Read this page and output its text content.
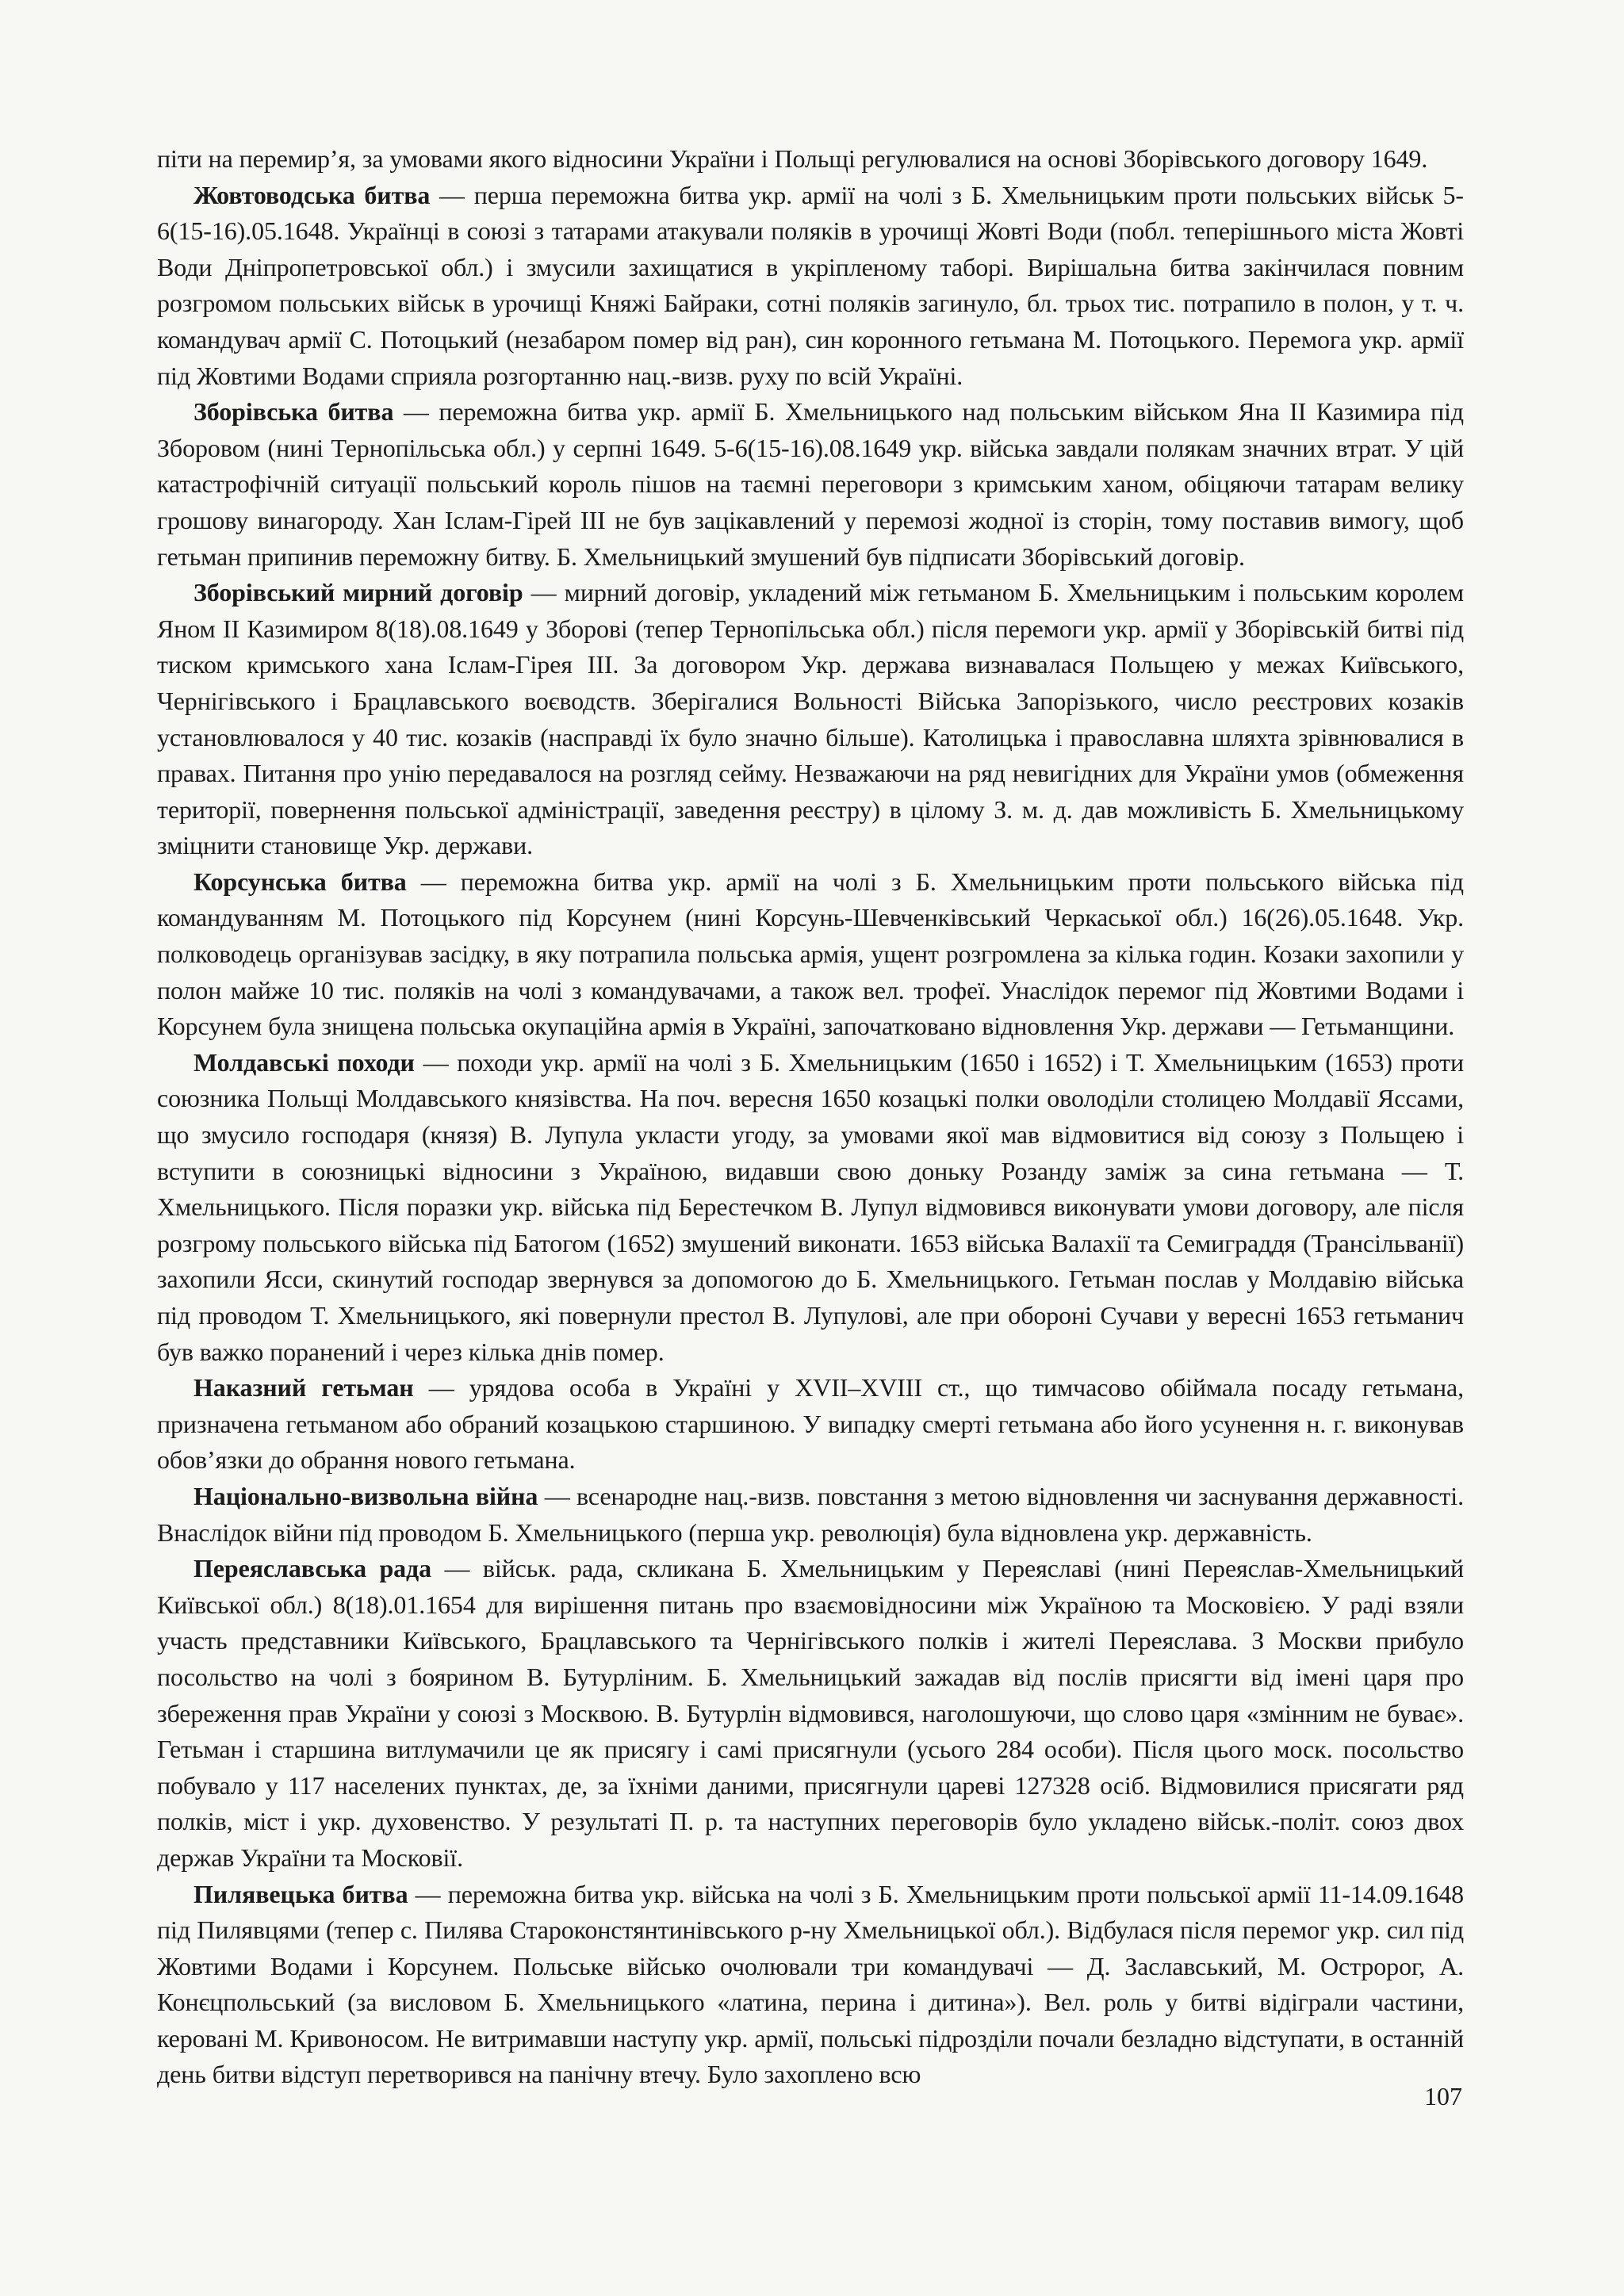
піти на перемир’я, за умовами якого відносини України і Польщі регулювалися на основі Зборівського договору 1649.

Жовтоводська битва — перша переможна битва укр. армії на чолі з Б. Хмельницьким проти польських військ 5-6(15-16).05.1648. Українці в союзі з татарами атакували поляків в урочищі Жовті Води (побл. теперішнього міста Жовті Води Дніпропетровської обл.) і змусили захищатися в укріпленому таборі. Вирішальна битва закінчилася повним розгромом польських військ в урочищі Княжі Байраки, сотні поляків загинуло, бл. трьох тис. потрапило в полон, у т. ч. командувач армії С. Потоцький (незабаром помер від ран), син коронного гетьмана М. Потоцького. Перемога укр. армії під Жовтими Водами сприяла розгортанню нац.-визв. руху по всій Україні.

Зборівська битва — переможна битва укр. армії Б. Хмельницького над польським військом Яна II Казимира під Зборовом (нині Тернопільська обл.) у серпні 1649. 5-6(15-16).08.1649 укр. війська завдали полякам значних втрат. У цій катастрофічній ситуації польський король пішов на таємні переговори з кримським ханом, обіцяючи татарам велику грошову винагороду. Хан Іслам-Гірей III не був зацікавлений у перемозі жодної із сторін, тому поставив вимогу, щоб гетьман припинив переможну битву. Б. Хмельницький змушений був підписати Зборівський договір.

Зборівський мирний договір — мирний договір, укладений між гетьманом Б. Хмельницьким і польським королем Яном II Казимиром 8(18).08.1649 у Зборові (тепер Тернопільська обл.) після перемоги укр. армії у Зборівській битві під тиском кримського хана Іслам-Гірея III. За договором Укр. держава визнавалася Польщею у межах Київського, Чернігівського і Брацлавського воєводств. Зберігалися Вольності Війська Запорізького, число реєстрових козаків установлювалося у 40 тис. козаків (насправді їх було значно більше). Католицька і православна шляхта зрівнювалися в правах. Питання про унію передавалося на розгляд сейму. Незважаючи на ряд невигідних для України умов (обмеження території, повернення польської адміністрації, заведення реєстру) в цілому З. м. д. дав можливість Б. Хмельницькому зміцнити становище Укр. держави.

Корсунська битва — переможна битва укр. армії на чолі з Б. Хмельницьким проти польського війська під командуванням М. Потоцького під Корсунем (нині Корсунь-Шевченківський Черкаської обл.) 16(26).05.1648. Укр. полководець організував засідку, в яку потрапила польська армія, ущент розгромлена за кілька годин. Козаки захопили у полон майже 10 тис. поляків на чолі з командувачами, а також вел. трофеї. Унаслідок перемог під Жовтими Водами і Корсунем була знищена польська окупаційна армія в Україні, започатковано відновлення Укр. держави — Гетьманщини.

Молдавські походи — походи укр. армії на чолі з Б. Хмельницьким (1650 і 1652) і Т. Хмельницьким (1653) проти союзника Польщі Молдавського князівства. На поч. вересня 1650 козацькі полки оволоділи столицею Молдавії Яссами, що змусило господаря (князя) В. Лупула укласти угоду, за умовами якої мав відмовитися від союзу з Польщею і вступити в союзницькі відносини з Україною, видавши свою доньку Розанду заміж за сина гетьмана — Т. Хмельницького. Після поразки укр. війська під Берестечком В. Лупул відмовився виконувати умови договору, але після розгрому польського війська під Батогом (1652) змушений виконати. 1653 війська Валахії та Семиграддя (Трансільванії) захопили Ясси, скинутий господар звернувся за допомогою до Б. Хмельницького. Гетьман послав у Молдавію війська під проводом Т. Хмельницького, які повернули престол В. Лупулові, але при обороні Сучави у вересні 1653 гетьманич був важко поранений і через кілька днів помер.

Наказний гетьман — урядова особа в Україні у XVII–XVIII ст., що тимчасово обіймала посаду гетьмана, призначена гетьманом або обраний козацькою старшиною. У випадку смерті гетьмана або його усунення н. г. виконував обов’язки до обрання нового гетьмана.

Національно-визвольна війна — всенародне нац.-визв. повстання з метою відновлення чи заснування державності. Внаслідок війни під проводом Б. Хмельницького (перша укр. революція) була відновлена укр. державність.

Переяславська рада — військ. рада, скликана Б. Хмельницьким у Переяславі (нині Переяслав-Хмельницький Київської обл.) 8(18).01.1654 для вирішення питань про взаємовідносини між Україною та Московією. У раді взяли участь представники Київського, Брацлавського та Чернігівського полків і жителі Переяслава. З Москви прибуло посольство на чолі з боярином В. Бутурліним. Б. Хмельницький зажадав від послів присягти від імені царя про збереження прав України у союзі з Москвою. В. Бутурлін відмовився, наголошуючи, що слово царя «змінним не буває». Гетьман і старшина витлумачили це як присягу і самі присягнули (усього 284 особи). Після цього моск. посольство побувало у 117 населених пунктах, де, за їхніми даними, присягнули цареві 127328 осіб. Відмовилися присягати ряд полків, міст і укр. духовенство. У результаті П. р. та наступних переговорів було укладено військ.-політ. союз двох держав України та Московії.

Пилявецька битва — переможна битва укр. війська на чолі з Б. Хмельницьким проти польської армії 11-14.09.1648 під Пилявцями (тепер с. Пилява Староконстянтинівського р-ну Хмельницької обл.). Відбулася після перемог укр. сил під Жовтими Водами і Корсунем. Польське військо очолювали три командувачі — Д. Заславський, М. Остророг, А. Конєцпольський (за висловом Б. Хмельницького «латина, перина і дитина»). Вел. роль у битві відіграли частини, керовані М. Кривоносом. Не витримавши наступу укр. армії, польські підрозділи почали безладно відступати, в останній день битви відступ перетворився на панічну втечу. Було захоплено всю

107
